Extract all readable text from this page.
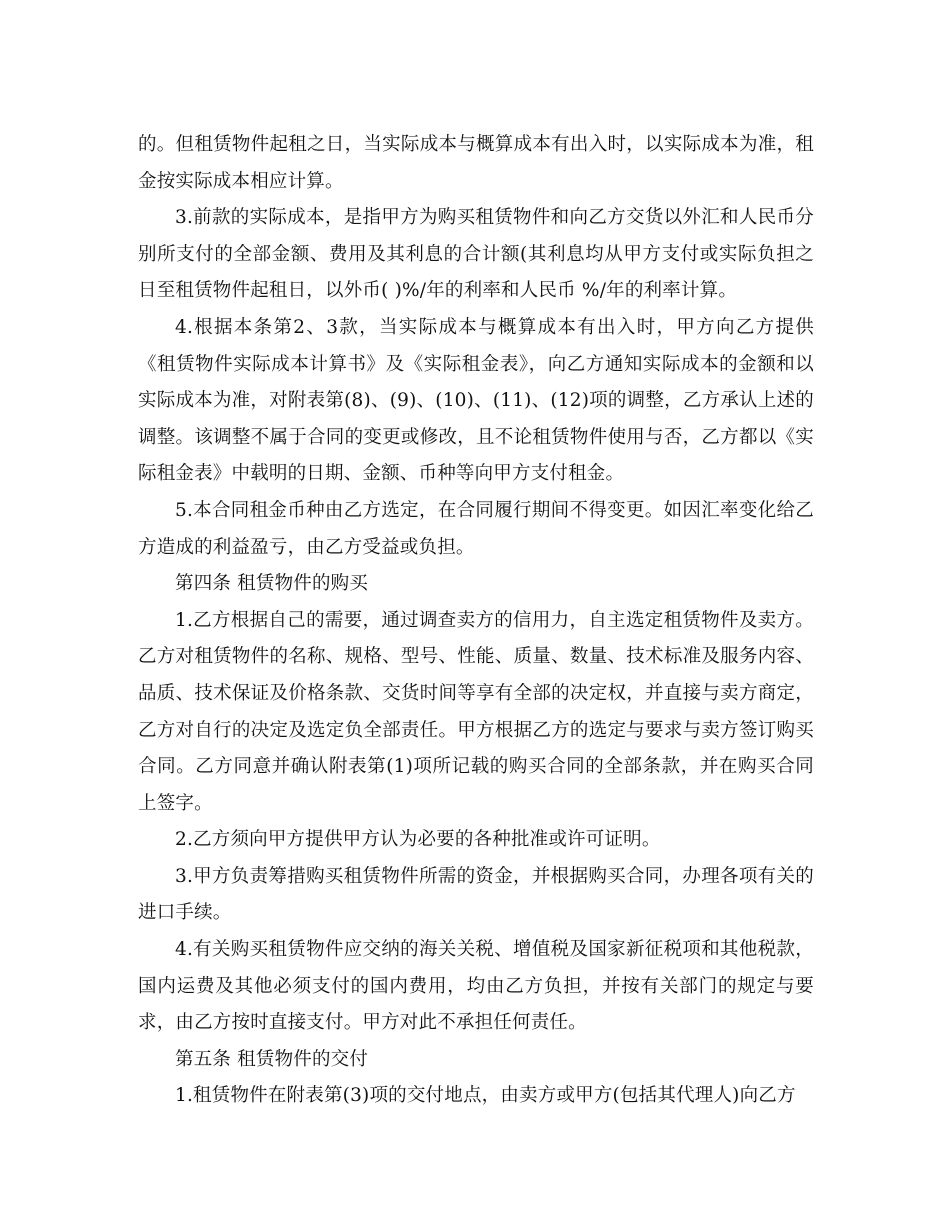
的。但租赁物件起租之日，当实际成本与概算成本有出入时，以实际成本为准，租金按实际成本相应计算。

3.前款的实际成本，是指甲方为购买租赁物件和向乙方交货以外汇和人民币分别所支付的全部金额、费用及其利息的合计额(其利息均从甲方支付或实际负担之日至租赁物件起租日，以外币( )%/年的利率和人民币 %/年的利率计算。

4.根据本条第2、3款，当实际成本与概算成本有出入时，甲方向乙方提供《租赁物件实际成本计算书》及《实际租金表》，向乙方通知实际成本的金额和以实际成本为准，对附表第(8)、(9)、(10)、(11)、(12)项的调整，乙方承认上述的调整。该调整不属于合同的变更或修改，且不论租赁物件使用与否，乙方都以《实际租金表》中载明的日期、金额、币种等向甲方支付租金。

5.本合同租金币种由乙方选定，在合同履行期间不得变更。如因汇率变化给乙方造成的利益盈亏，由乙方受益或负担。

第四条 租赁物件的购买

1.乙方根据自己的需要，通过调查卖方的信用力，自主选定租赁物件及卖方。乙方对租赁物件的名称、规格、型号、性能、质量、数量、技术标准及服务内容、品质、技术保证及价格条款、交货时间等享有全部的决定权，并直接与卖方商定，乙方对自行的决定及选定负全部责任。甲方根据乙方的选定与要求与卖方签订购买合同。乙方同意并确认附表第(1)项所记载的购买合同的全部条款，并在购买合同上签字。

2.乙方须向甲方提供甲方认为必要的各种批准或许可证明。

3.甲方负责筹措购买租赁物件所需的资金，并根据购买合同，办理各项有关的进口手续。

4.有关购买租赁物件应交纳的海关关税、增值税及国家新征税项和其他税款，国内运费及其他必须支付的国内费用，均由乙方负担，并按有关部门的规定与要求，由乙方按时直接支付。甲方对此不承担任何责任。

第五条 租赁物件的交付

1.租赁物件在附表第(3)项的交付地点，由卖方或甲方(包括其代理人)向乙方
